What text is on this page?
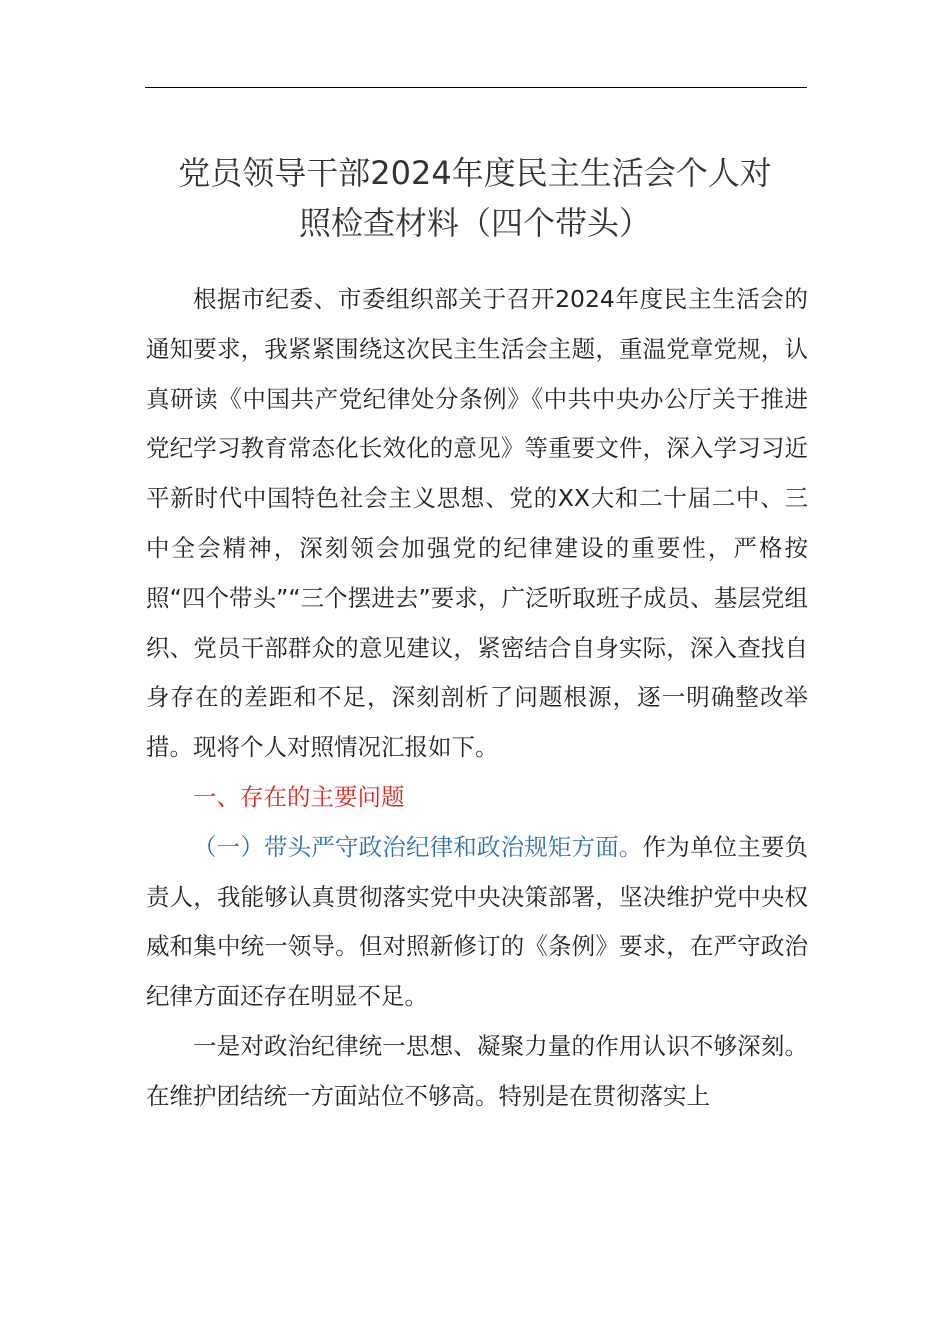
党员领导干部2024年度民主生活会个人对
照检查材料（四个带头）

根据市纪委、市委组织部关于召开2024年度民主生活会的通知要求，我紧紧围绕这次民主生活会主题，重温党章党规，认真研读《中国共产党纪律处分条例》《中共中央办公厅关于推进党纪学习教育常态化长效化的意见》等重要文件，深入学习习近平新时代中国特色社会主义思想、党的XX大和二十届二中、三中全会精神，深刻领会加强党的纪律建设的重要性，严格按照“四个带头”“三个摆进去”要求，广泛听取班子成员、基层党组织、党员干部群众的意见建议，紧密结合自身实际，深入查找自身存在的差距和不足，深刻剖析了问题根源，逐一明确整改举措。现将个人对照情况汇报如下。

一、存在的主要问题

（一）带头严守政治纪律和政治规矩方面。作为单位主要负责人，我能够认真贯彻落实党中央决策部署，坚决维护党中央权威和集中统一领导。但对照新修订的《条例》要求，在严守政治纪律方面还存在明显不足。

一是对政治纪律统一思想、凝聚力量的作用认识不够深刻。在维护团结统一方面站位不够高。特别是在贯彻落实上
